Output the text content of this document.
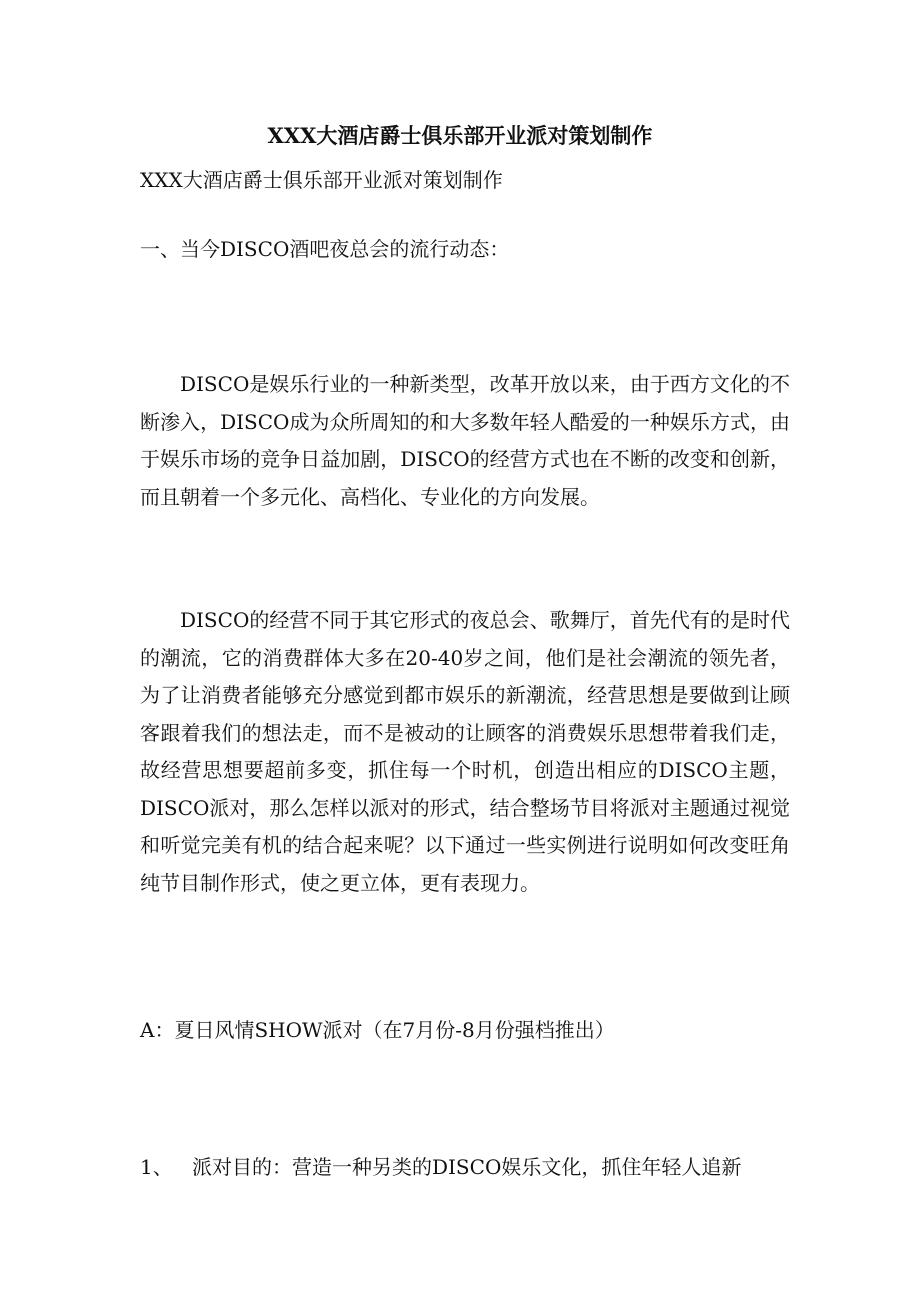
XXX大酒店爵士俱乐部开业派对策划制作
XXX大酒店爵士俱乐部开业派对策划制作
一、当今DISCO酒吧夜总会的流行动态：
DISCO是娱乐行业的一种新类型，改革开放以来，由于西方文化的不断渗入，DISCO成为众所周知的和大多数年轻人酷爱的一种娱乐方式，由于娱乐市场的竞争日益加剧，DISCO的经营方式也在不断的改变和创新，而且朝着一个多元化、高档化、专业化的方向发展。
DISCO的经营不同于其它形式的夜总会、歌舞厅，首先代有的是时代的潮流，它的消费群体大多在20-40岁之间，他们是社会潮流的领先者，为了让消费者能够充分感觉到都市娱乐的新潮流，经营思想是要做到让顾客跟着我们的想法走，而不是被动的让顾客的消费娱乐思想带着我们走，故经营思想要超前多变，抓住每一个时机，创造出相应的DISCO主题，DISCO派对，那么怎样以派对的形式，结合整场节目将派对主题通过视觉和听觉完美有机的结合起来呢？以下通过一些实例进行说明如何改变旺角纯节目制作形式，使之更立体，更有表现力。
A：夏日风情SHOW派对（在7月份-8月份强档推出）
1、 派对目的：营造一种另类的DISCO娱乐文化，抓住年轻人追新
